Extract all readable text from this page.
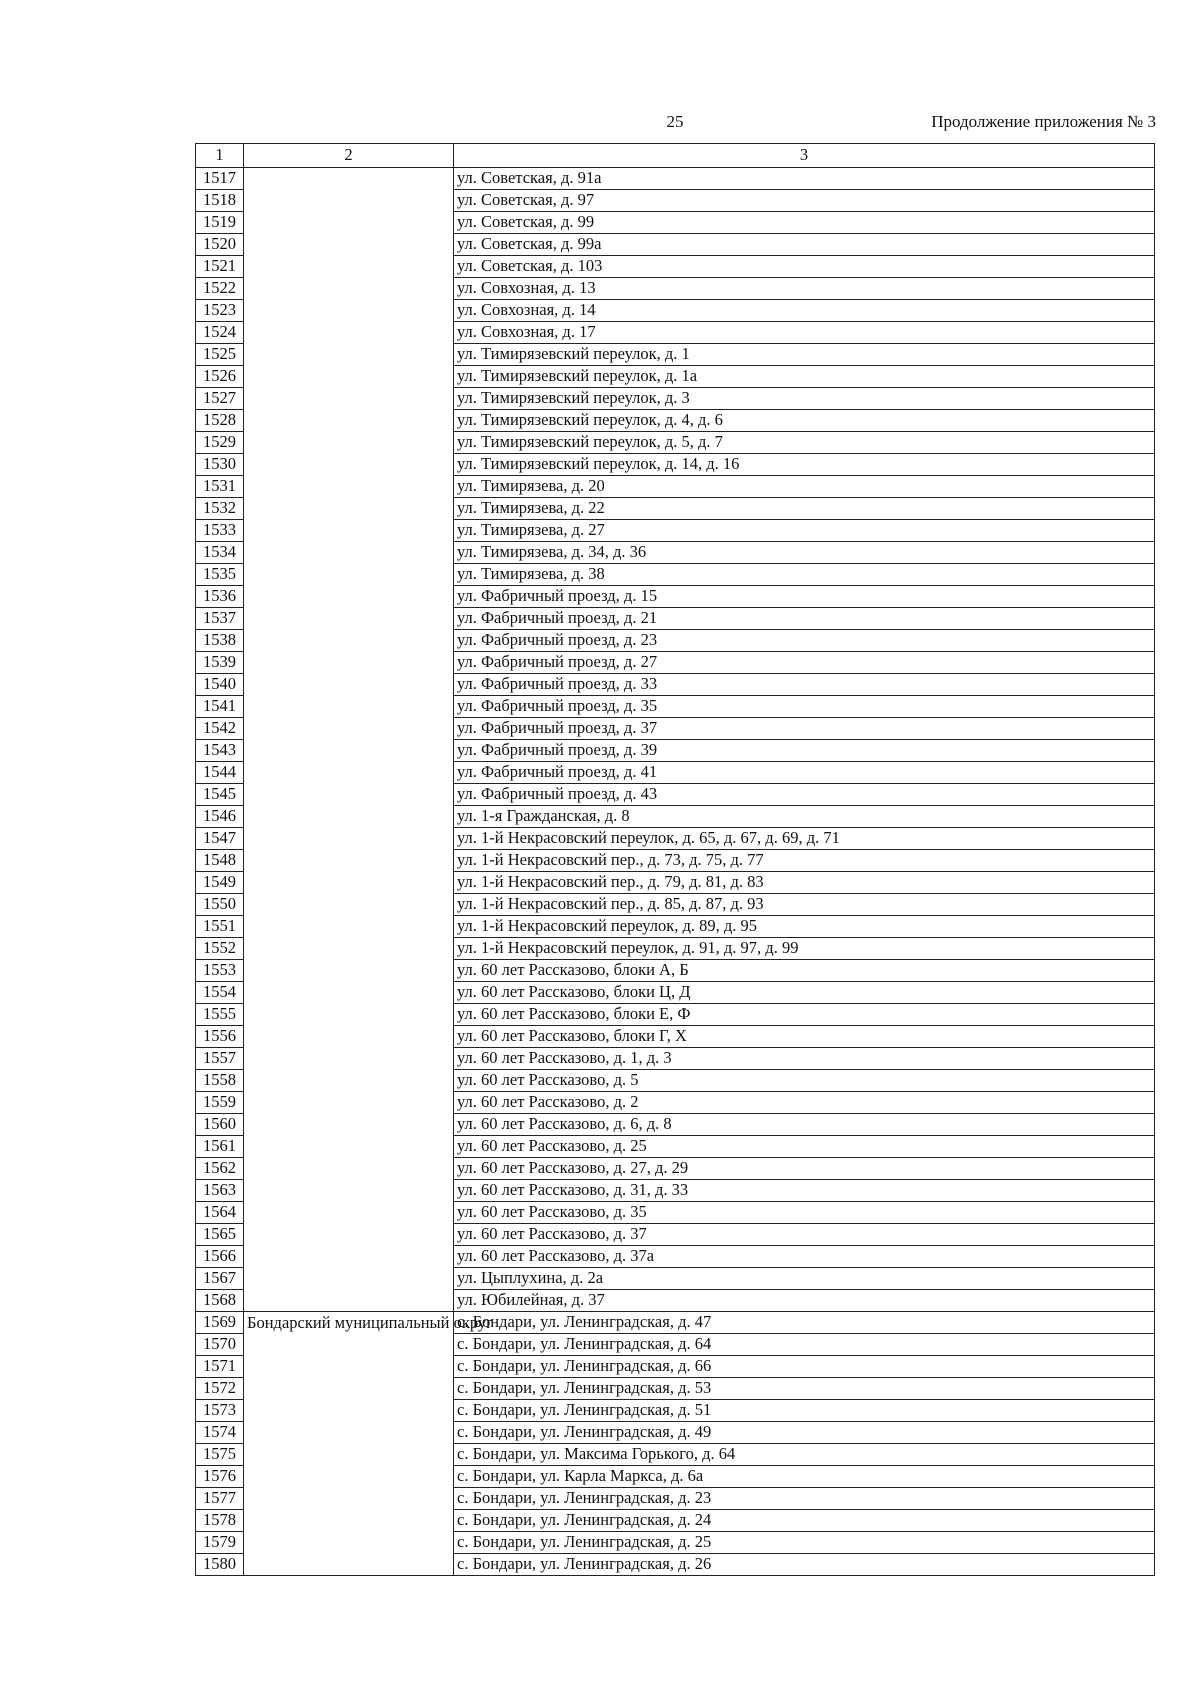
25	Продолжение приложения № 3
1	2	3
1517		ул. Советская, д. 91а
1518		ул. Советская, д. 97
1519		ул. Советская, д. 99
1520		ул. Советская, д. 99а
1521		ул. Советская, д. 103
1522		ул. Совхозная, д. 13
1523		ул. Совхозная, д. 14
1524		ул. Совхозная, д. 17
1525		ул. Тимирязевский переулок, д. 1
1526		ул. Тимирязевский переулок, д. 1а
1527		ул. Тимирязевский переулок, д. 3
1528		ул. Тимирязевский переулок, д. 4, д. 6
1529		ул. Тимирязевский переулок, д. 5, д. 7
1530		ул. Тимирязевский переулок, д. 14, д. 16
1531		ул. Тимирязева, д. 20
1532		ул. Тимирязева, д. 22
1533		ул. Тимирязева, д. 27
1534		ул. Тимирязева, д. 34, д. 36
1535		ул. Тимирязева, д. 38
1536		ул. Фабричный проезд, д. 15
1537		ул. Фабричный проезд, д. 21
1538		ул. Фабричный проезд, д. 23
1539		ул. Фабричный проезд, д. 27
1540		ул. Фабричный проезд, д. 33
1541		ул. Фабричный проезд, д. 35
1542		ул. Фабричный проезд, д. 37
1543		ул. Фабричный проезд, д. 39
1544		ул. Фабричный проезд, д. 41
1545		ул. Фабричный проезд, д. 43
1546		ул. 1-я Гражданская, д. 8
1547		ул. 1-й Некрасовский переулок, д. 65, д. 67, д. 69, д. 71
1548		ул. 1-й Некрасовский пер., д. 73, д. 75, д. 77
1549		ул. 1-й Некрасовский пер., д. 79, д. 81, д. 83
1550		ул. 1-й Некрасовский пер., д. 85, д. 87, д. 93
1551		ул. 1-й Некрасовский переулок, д. 89, д. 95
1552		ул. 1-й Некрасовский переулок, д. 91, д. 97, д. 99
1553		ул. 60 лет Рассказово, блоки А, Б
1554		ул. 60 лет Рассказово, блоки Ц, Д
1555		ул. 60 лет Рассказово, блоки Е, Ф
1556		ул. 60 лет Рассказово, блоки Г, Х
1557		ул. 60 лет Рассказово, д. 1, д. 3
1558		ул. 60 лет Рассказово, д. 5
1559		ул. 60 лет Рассказово, д. 2
1560		ул. 60 лет Рассказово, д. 6, д. 8
1561		ул. 60 лет Рассказово, д. 25
1562		ул. 60 лет Рассказово, д. 27, д. 29
1563		ул. 60 лет Рассказово, д. 31, д. 33
1564		ул. 60 лет Рассказово, д. 35
1565		ул. 60 лет Рассказово, д. 37
1566		ул. 60 лет Рассказово, д. 37а
1567		ул. Цыплухина, д. 2а
1568		ул. Юбилейная, д. 37
1569	Бондарский муниципальный округ	с. Бондари, ул. Ленинградская, д. 47
1570		с. Бондари, ул. Ленинградская, д. 64
1571		с. Бондари, ул. Ленинградская, д. 66
1572		с. Бондари, ул. Ленинградская, д. 53
1573		с. Бондари, ул. Ленинградская, д. 51
1574		с. Бондари, ул. Ленинградская, д. 49
1575		с. Бондари, ул. Максима Горького, д. 64
1576		с. Бондари, ул. Карла Маркса, д. 6а
1577		с. Бондари, ул. Ленинградская, д. 23
1578		с. Бондари, ул. Ленинградская, д. 24
1579		с. Бондари, ул. Ленинградская, д. 25
1580		с. Бондари, ул. Ленинградская, д. 26
